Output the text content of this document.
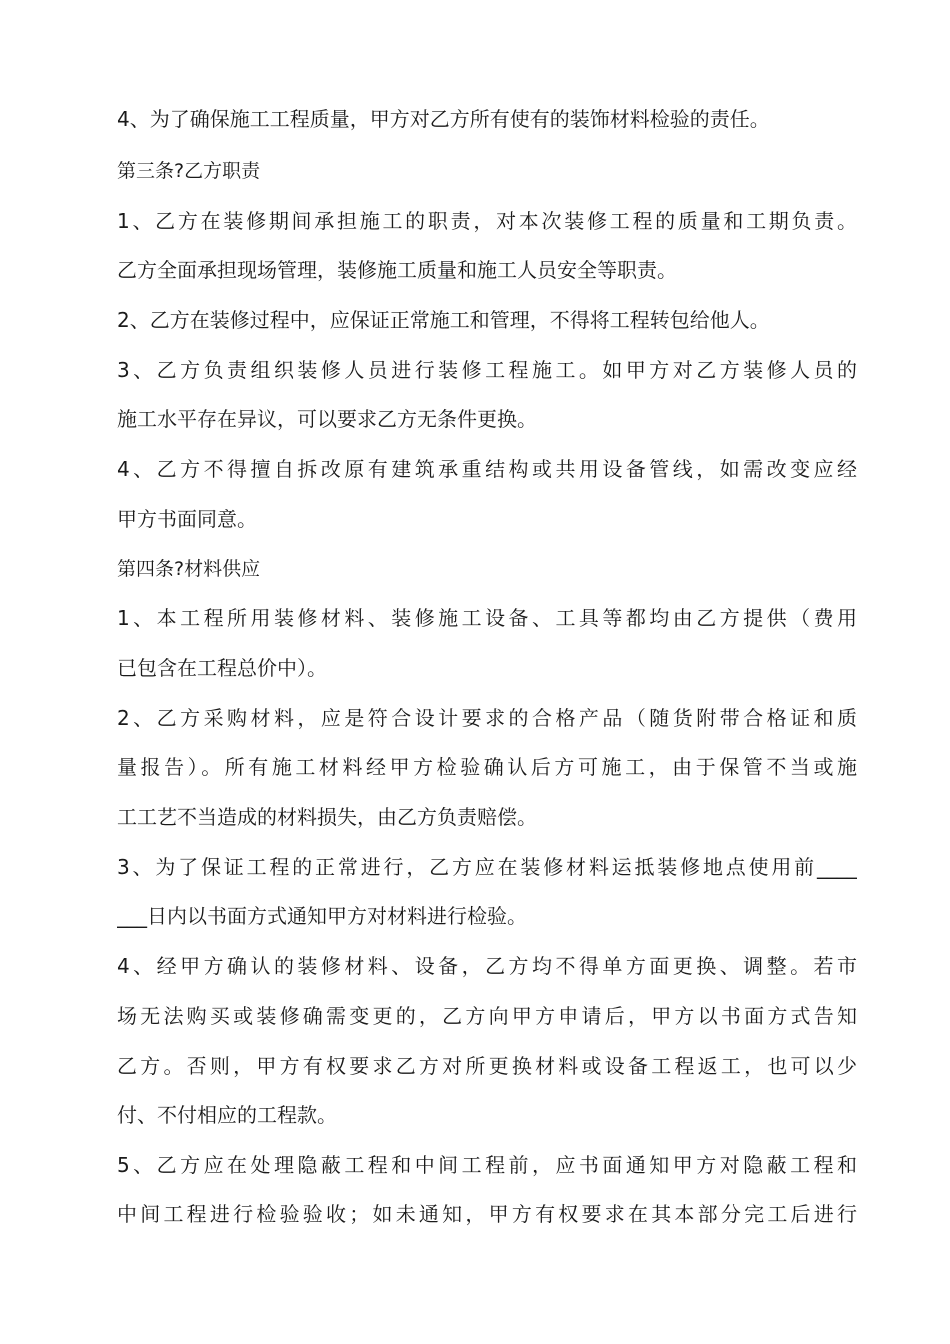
4、为了确保施工工程质量，甲方对乙方所有使有的装饰材料检验的责任。
第三条?乙方职责
1、乙方在装修期间承担施工的职责，对本次装修工程的质量和工期负责。
乙方全面承担现场管理，装修施工质量和施工人员安全等职责。
2、乙方在装修过程中，应保证正常施工和管理，不得将工程转包给他人。
3、乙方负责组织装修人员进行装修工程施工。如甲方对乙方装修人员的
施工水平存在异议，可以要求乙方无条件更换。
4、乙方不得擅自拆改原有建筑承重结构或共用设备管线，如需改变应经
甲方书面同意。
第四条?材料供应
1、本工程所用装修材料、装修施工设备、工具等都均由乙方提供（费用
已包含在工程总价中）。
2、乙方采购材料，应是符合设计要求的合格产品（随货附带合格证和质
量报告）。所有施工材料经甲方检验确认后方可施工，由于保管不当或施
工工艺不当造成的材料损失，由乙方负责赔偿。
3、为了保证工程的正常进行，乙方应在装修材料运抵装修地点使用前____
___日内以书面方式通知甲方对材料进行检验。
4、经甲方确认的装修材料、设备，乙方均不得单方面更换、调整。若市
场无法购买或装修确需变更的，乙方向甲方申请后，甲方以书面方式告知
乙方。否则，甲方有权要求乙方对所更换材料或设备工程返工，也可以少
付、不付相应的工程款。
5、乙方应在处理隐蔽工程和中间工程前，应书面通知甲方对隐蔽工程和
中间工程进行检验验收；如未通知，甲方有权要求在其本部分完工后进行
